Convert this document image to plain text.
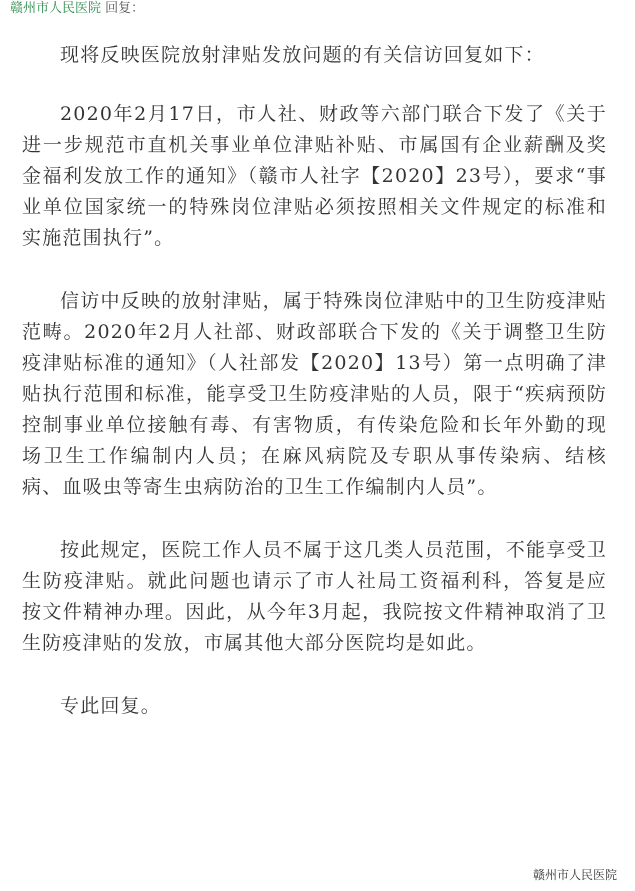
赣州市人民医院 回复：

现将反映医院放射津贴发放问题的有关信访回复如下：

2020年2月17日，市人社、财政等六部门联合下发了《关于进一步规范市直机关事业单位津贴补贴、市属国有企业薪酬及奖金福利发放工作的通知》（赣市人社字【2020】23号），要求“事业单位国家统一的特殊岗位津贴必须按照相关文件规定的标准和实施范围执行”。

信访中反映的放射津贴，属于特殊岗位津贴中的卫生防疫津贴范畴。2020年2月人社部、财政部联合下发的《关于调整卫生防疫津贴标准的通知》（人社部发【2020】13号）第一点明确了津贴执行范围和标准，能享受卫生防疫津贴的人员，限于“疾病预防控制事业单位接触有毒、有害物质，有传染危险和长年外勤的现场卫生工作编制内人员；在麻风病院及专职从事传染病、结核病、血吸虫等寄生虫病防治的卫生工作编制内人员”。

按此规定，医院工作人员不属于这几类人员范围，不能享受卫生防疫津贴。就此问题也请示了市人社局工资福利科，答复是应按文件精神办理。因此，从今年3月起，我院按文件精神取消了卫生防疫津贴的发放，市属其他大部分医院均是如此。

专此回复。

赣州市人民医院
